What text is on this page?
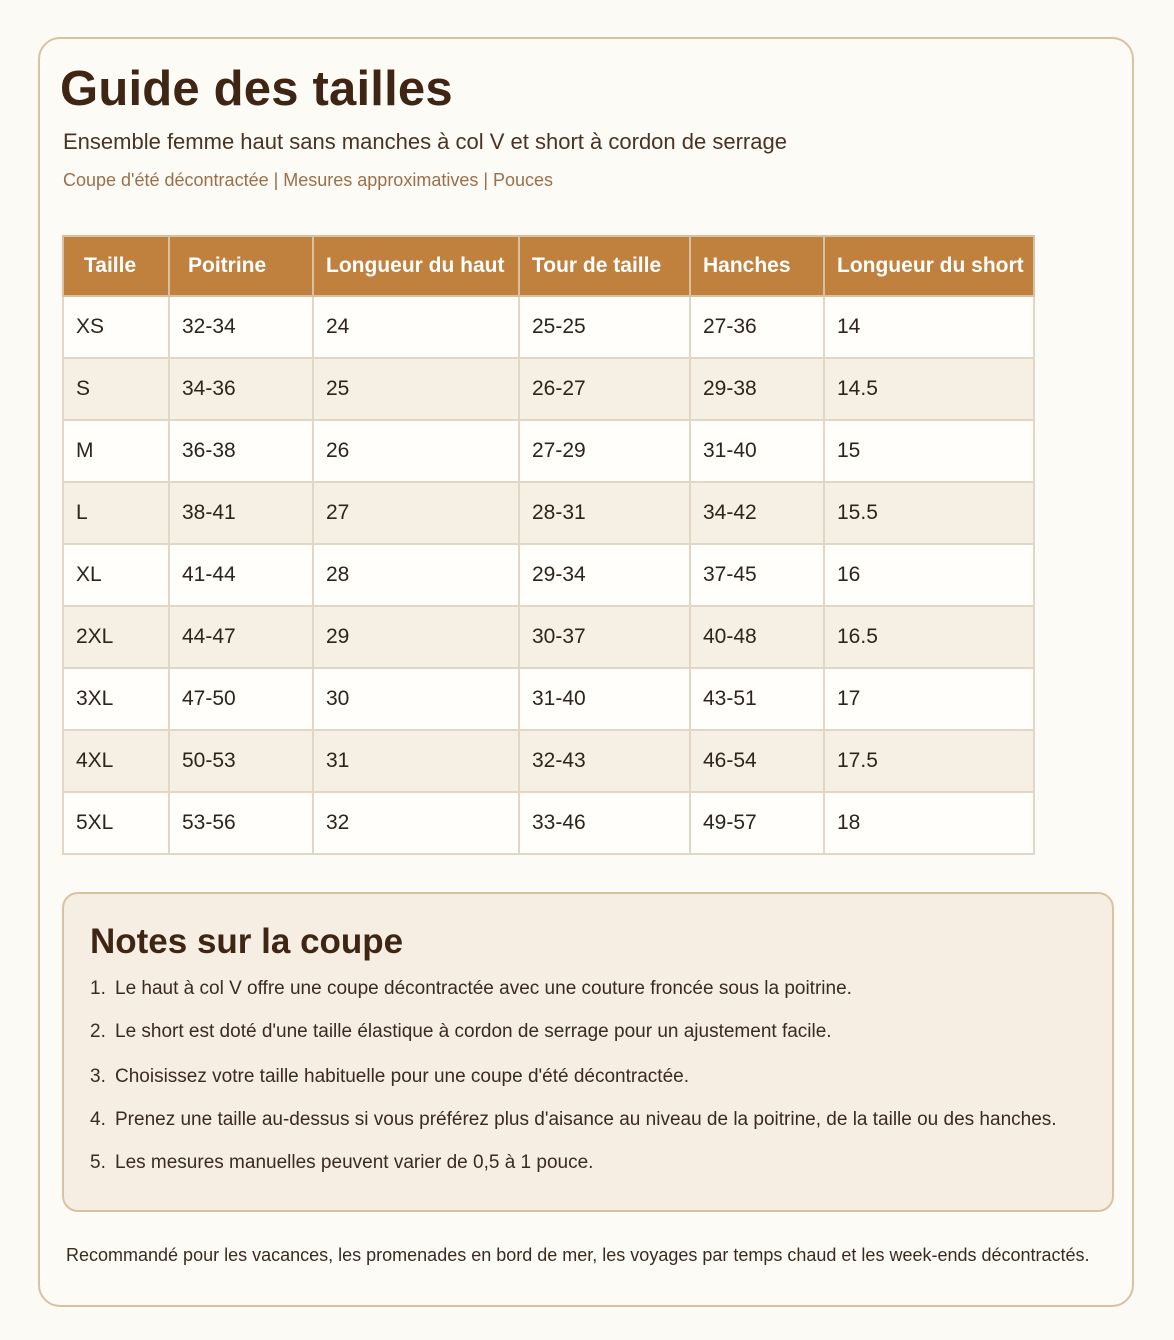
Guide des tailles

Ensemble femme haut sans manches à col V et short à cordon de serrage

Coupe d'été décontractée | Mesures approximatives | Pouces

Taille	Poitrine	Longueur du haut	Tour de taille	Hanches	Longueur du short
XS	32-34	24	25-25	27-36	14
S	34-36	25	26-27	29-38	14.5
M	36-38	26	27-29	31-40	15
L	38-41	27	28-31	34-42	15.5
XL	41-44	28	29-34	37-45	16
2XL	44-47	29	30-37	40-48	16.5
3XL	47-50	30	31-40	43-51	17
4XL	50-53	31	32-43	46-54	17.5
5XL	53-56	32	33-46	49-57	18
Notes sur la coupe
1. Le haut à col V offre une coupe décontractée avec une couture froncée sous la poitrine.
2. Le short est doté d'une taille élastique à cordon de serrage pour un ajustement facile.
3. Choisissez votre taille habituelle pour une coupe d'été décontractée.
4. Prenez une taille au-dessus si vous préférez plus d'aisance au niveau de la poitrine, de la taille ou des hanches.
5. Les mesures manuelles peuvent varier de 0,5 à 1 pouce.

Recommandé pour les vacances, les promenades en bord de mer, les voyages par temps chaud et les week-ends décontractés.
